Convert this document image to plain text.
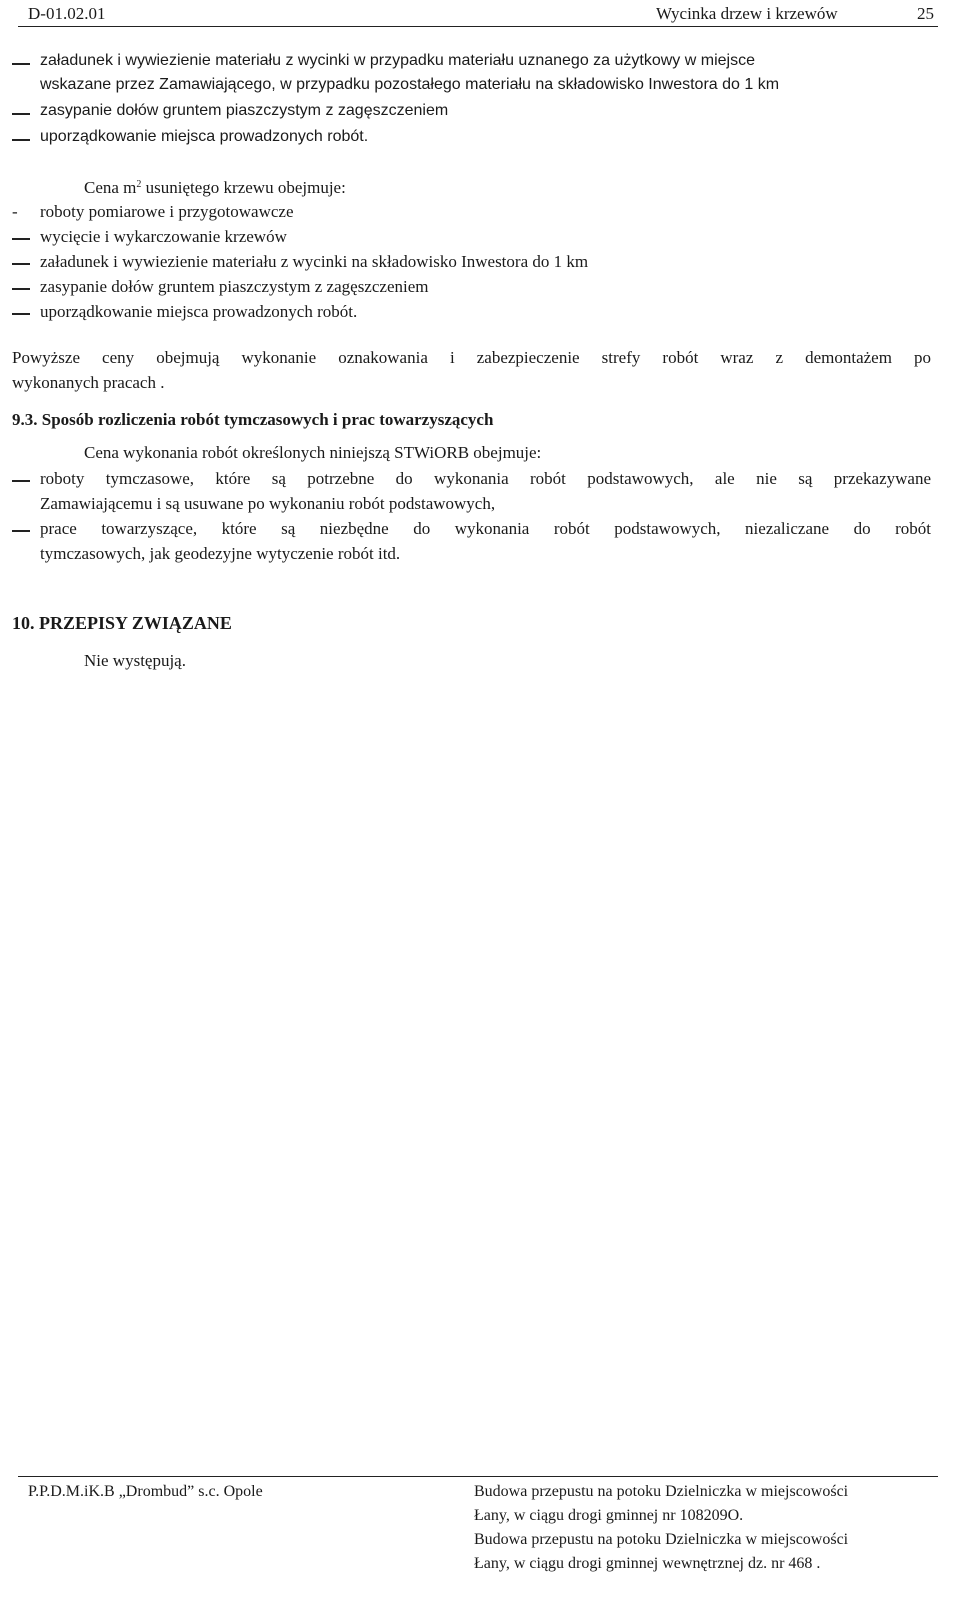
D-01.02.01	Wycinka drzew i krzewów	25
załadunek i wywiezienie materiału z wycinki w przypadku materiału uznanego za użytkowy w miejsce
wskazane przez Zamawiającego, w przypadku pozostałego materiału na składowisko Inwestora do 1 km
zasypanie dołów gruntem piaszczystym z zagęszczeniem
uporządkowanie miejsca prowadzonych robót.
Cena $m^2$ usuniętego krzewu obejmuje:
- roboty pomiarowe i przygotowawcze
wycięcie i wykarczowanie krzewów
załadunek i wywiezienie materiału z wycinki na składowisko Inwestora do 1 km
zasypanie dołów gruntem piaszczystym z zagęszczeniem
uporządkowanie miejsca prowadzonych robót.
Powyższe ceny obejmują wykonanie oznakowania i zabezpieczenie strefy robót wraz z demontażem po
wykonanych pracach .
9.3. Sposób rozliczenia robót tymczasowych i prac towarzyszących
Cena wykonania robót określonych niniejszą STWiORB obejmuje:
roboty tymczasowe, które są potrzebne do wykonania robót podstawowych, ale nie są przekazywane
Zamawiającemu i są usuwane po wykonaniu robót podstawowych,
prace towarzyszące, które są niezbędne do wykonania robót podstawowych, niezaliczane do robót
tymczasowych, jak geodezyjne wytyczenie robót itd.
10. PRZEPISY ZWIĄZANE
Nie występują.
P.P.D.M.iK.B „Drombud” s.c. Opole	Budowa przepustu na potoku Dzielniczka w miejscowości
Łany, w ciągu drogi gminnej nr 108209O.
Budowa przepustu na potoku Dzielniczka w miejscowości
Łany, w ciągu drogi gminnej wewnętrznej dz. nr 468 .
